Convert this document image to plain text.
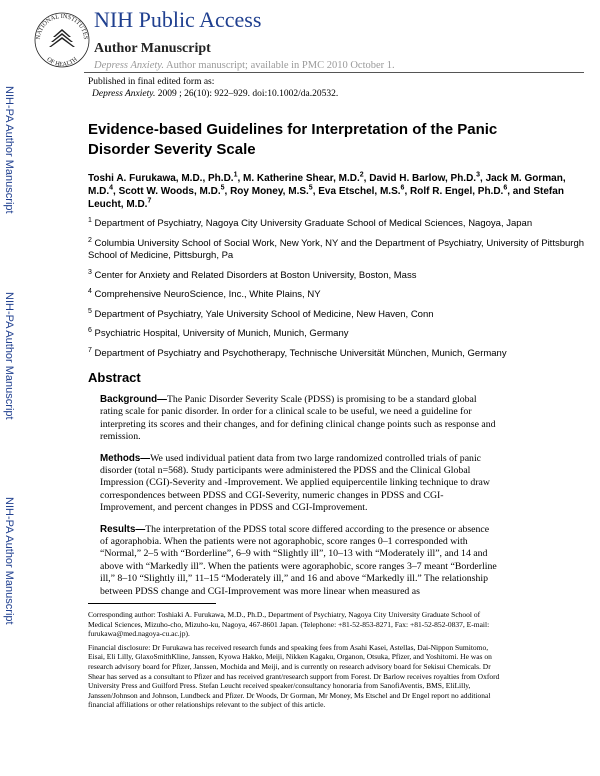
NATIONAL INSTITUTES
OF HEALTH
NIH Public Access
Author Manuscript
Depress Anxiety. Author manuscript; available in PMC 2010 October 1.
NIH-PA Author Manuscript
NIH-PA Author Manuscript
NIH-PA Author Manuscript
Published in final edited form as:
Depress Anxiety. 2009 ; 26(10): 922–929. doi:10.1002/da.20532.
Evidence-based Guidelines for Interpretation of the Panic
Disorder Severity Scale

Toshi A. Furukawa, M.D., Ph.D.$^1$, M. Katherine Shear, M.D.$^2$, David H. Barlow, Ph.D.$^3$, Jack M. Gorman, M.D.$^4$, Scott W. Woods, M.D.$^5$, Roy Money, M.S.$^5$, Eva Etschel, M.S.$^6$, Rolf R. Engel, Ph.D.$^6$, and Stefan Leucht, M.D.$^7$

$^1$ Department of Psychiatry, Nagoya City University Graduate School of Medical Sciences, Nagoya, Japan

$^2$ Columbia University School of Social Work, New York, NY and the Department of Psychiatry, University of Pittsburgh School of Medicine, Pittsburgh, Pa

$^3$ Center for Anxiety and Related Disorders at Boston University, Boston, Mass

$^4$ Comprehensive NeuroScience, Inc., White Plains, NY

$^5$ Department of Psychiatry, Yale University School of Medicine, New Haven, Conn

$^6$ Psychiatric Hospital, University of Munich, Munich, Germany

$^7$ Department of Psychiatry and Psychotherapy, Technische Universität München, Munich, Germany

Abstract

Background—The Panic Disorder Severity Scale (PDSS) is promising to be a standard global rating scale for panic disorder. In order for a clinical scale to be useful, we need a guideline for interpreting its scores and their changes, and for defining clinical change points such as response and remission.

Methods—We used individual patient data from two large randomized controlled trials of panic disorder (total n=568). Study participants were administered the PDSS and the Clinical Global Impression (CGI)-Severity and -Improvement. We applied equipercentile linking technique to draw correspondences between PDSS and CGI-Severity, numeric changes in PDSS and CGI-Improvement, and percent changes in PDSS and CGI-Improvement.

Results—The interpretation of the PDSS total score differed according to the presence or absence of agoraphobia. When the patients were not agoraphobic, score ranges 0–1 corresponded with “Normal,” 2–5 with “Borderline”, 6–9 with “Slightly ill”, 10–13 with “Moderately ill”, and 14 and above with “Markedly ill”. When the patients were agoraphobic, score ranges 3–7 meant “Borderline ill,” 8–10 “Slightly ill,” 11–15 “Moderately ill,” and 16 and above “Markedly ill.” The relationship between PDSS change and CGI-Improvement was more linear when measured as

Corresponding author: Toshiaki A. Furukawa, M.D., Ph.D., Department of Psychiatry, Nagoya City University Graduate School of Medical Sciences, Mizuho-cho, Mizuho-ku, Nagoya, 467-8601 Japan. (Telephone: +81-52-853-8271, Fax: +81-52-852-0837, E-mail: furukawa@med.nagoya-cu.ac.jp).

Financial disclosure: Dr Furukawa has received research funds and speaking fees from Asahi Kasei, Astellas, Dai-Nippon Sumitomo, Eisai, Eli Lilly, GlaxoSmithKline, Janssen, Kyowa Hakko, Meiji, Nikken Kagaku, Organon, Otsuka, Pfizer, and Yoshitomi. He was on research advisory board for Pfizer, Janssen, Mochida and Meiji, and is currently on research advisory board for Sekisui Chemicals. Dr Shear has served as a consultant to Pfizer and has received grant/research support from Forest. Dr Barlow receives royalties from Oxford University Press and Guilford Press. Stefan Leucht received speaker/consultancy honoraria from SanofiAventis, BMS, EliLilly, Janssen/Johnson and Johnson, Lundbeck and Pfizer. Dr Woods, Dr Gorman, Mr Money, Ms Etschel and Dr Engel report no additional financial affiliations or other relationships relevant to the subject of this article.
